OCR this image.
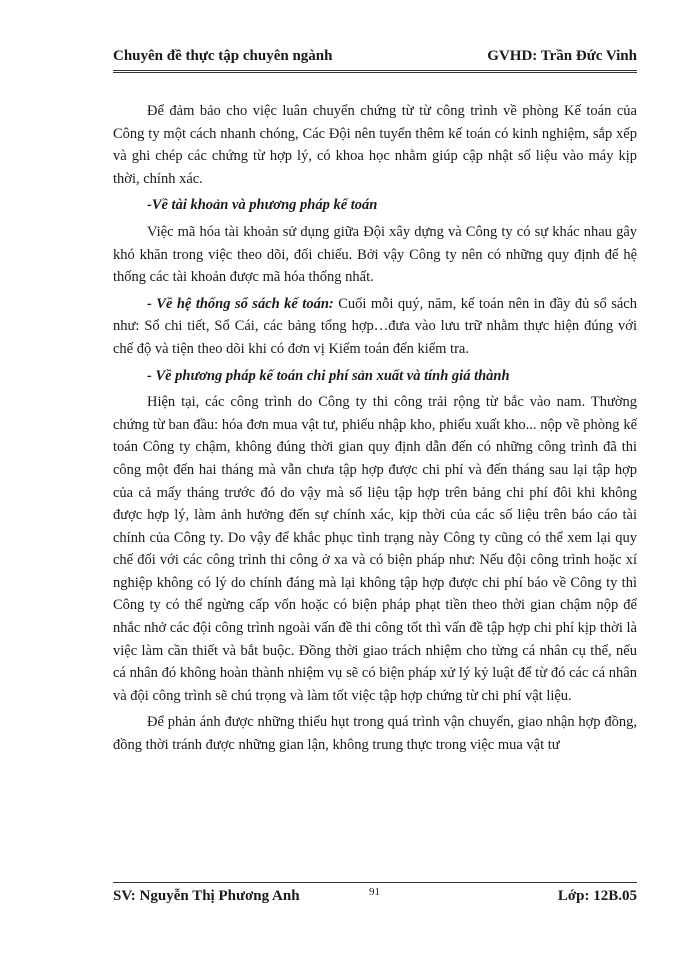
Chuyên đề thực tập chuyên ngành	GVHD: Trần Đức Vinh

Để đảm bảo cho việc luân chuyển chứng từ từ công trình về phòng Kế toán của Công ty một cách nhanh chóng, Các Đội nên tuyển thêm kế toán có kinh nghiệm, sắp xếp và ghi chép các chứng từ hợp lý, có khoa học nhằm giúp cập nhật số liệu vào máy kịp thời, chính xác.

-Về tài khoản và phương pháp kế toán

Việc mã hóa tài khoản sử dụng giữa Đội xây dựng và Công ty có sự khác nhau gây khó khăn trong việc theo dõi, đối chiếu. Bởi vậy Công ty nên có những quy định để hệ thống các tài khoản được mã hóa thống nhất.

- Về hệ thống sổ sách kế toán: Cuối mỗi quý, năm, kế toán nên in đầy đủ sổ sách như: Sổ chi tiết, Sổ Cái, các bảng tổng hợp…đưa vào lưu trữ nhằm thực hiện đúng với chế độ và tiện theo dõi khi có đơn vị Kiểm toán đến kiểm tra.

- Về phương pháp kế toán chi phí sản xuất và tính giá thành

Hiện tại, các công trình do Công ty thi công trải rộng từ bắc vào nam. Thường chứng từ ban đầu: hóa đơn mua vật tư, phiếu nhập kho, phiếu xuất kho... nộp về phòng kế toán Công ty chậm, không đúng thời gian quy định dẫn đến có những công trình đã thi công một đến hai tháng mà vẫn chưa tập hợp được chi phí và đến tháng sau lại tập hợp của cả mấy tháng trước đó do vậy mà số liệu tập hợp trên bảng chi phí đôi khi không được hợp lý, làm ảnh hưởng đến sự chính xác, kịp thời của các số liệu trên báo cáo tài chính của Công ty. Do vậy để khắc phục tình trạng này Công ty cũng có thể xem lại quy chế đối với các công trình thi công ở xa và có biện pháp như: Nếu đội công trình hoặc xí nghiệp không có lý do chính đáng mà lại không tập hợp được chi phí báo về Công ty thì Công ty có thể ngừng cấp vốn hoặc có biện pháp phạt tiền theo thời gian chậm nộp để nhắc nhở các đội công trình ngoài vấn đề thi công tốt thì vấn đề tập hợp chi phí kịp thời là việc làm cần thiết và bắt buộc. Đồng thời giao trách nhiệm cho từng cá nhân cụ thể, nếu cá nhân đó không hoàn thành nhiệm vụ sẽ có biện pháp xử lý kỷ luật để từ đó các cá nhân và đội công trình sẽ chú trọng và làm tốt việc tập hợp chứng từ chi phí vật liệu.

Để phản ánh được những thiếu hụt trong quá trình vận chuyển, giao nhận hợp đồng, đồng thời tránh được những gian lận, không trung thực trong việc mua vật tư

SV: Nguyễn Thị Phương Anh	91	Lớp: 12B.05
